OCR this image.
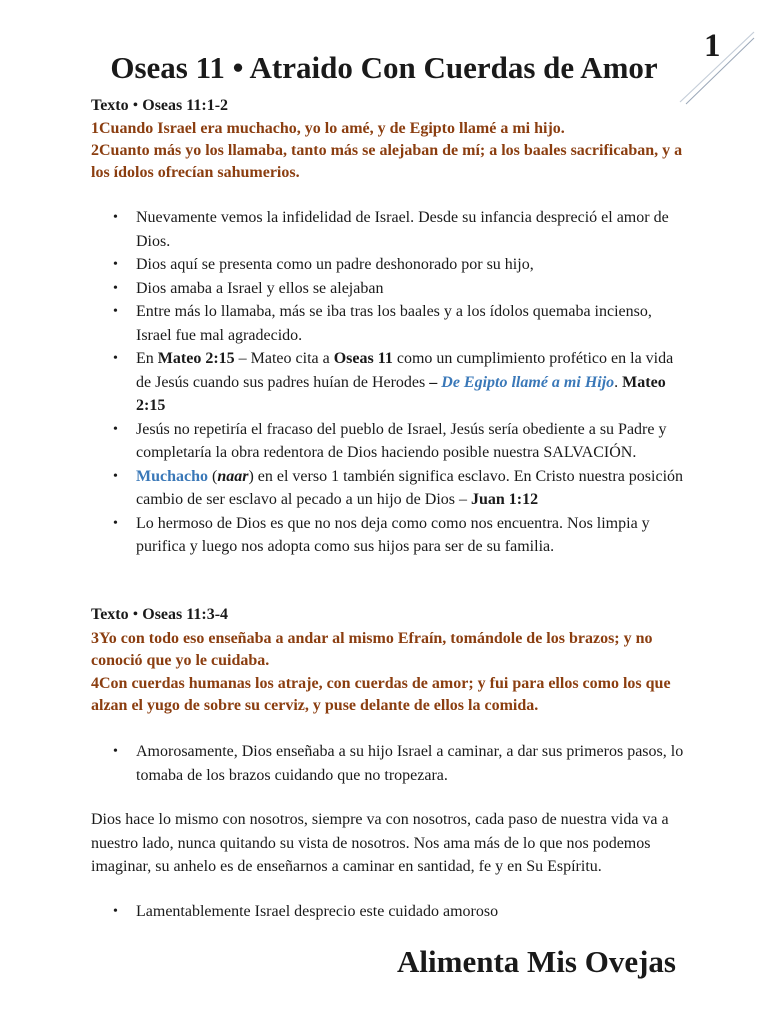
1
Oseas 11 • Atraido Con Cuerdas de Amor
Texto • Oseas 11:1-2
1Cuando Israel era muchacho, yo lo amé, y de Egipto llamé a mi hijo.
2Cuanto más yo los llamaba, tanto más se alejaban de mí; a los baales sacrificaban, y a los ídolos ofrecían sahumerios.
• Nuevamente vemos la infidelidad de Israel. Desde su infancia despreció el amor de Dios.
• Dios aquí se presenta como un padre deshonorado por su hijo,
• Dios amaba a Israel y ellos se alejaban
• Entre más lo llamaba, más se iba tras los baales y a los ídolos quemaba incienso, Israel fue mal agradecido.
• En Mateo 2:15 – Mateo cita a Oseas 11 como un cumplimiento profético en la vida de Jesús cuando sus padres huían de Herodes – De Egipto llamé a mi Hijo. Mateo 2:15
• Jesús no repetiría el fracaso del pueblo de Israel, Jesús sería obediente a su Padre y completaría la obra redentora de Dios haciendo posible nuestra SALVACIÓN.
• Muchacho (naar) en el verso 1 también significa esclavo. En Cristo nuestra posición cambio de ser esclavo al pecado a un hijo de Dios – Juan 1:12
• Lo hermoso de Dios es que no nos deja como como nos encuentra. Nos limpia y purifica y luego nos adopta como sus hijos para ser de su familia.
Texto • Oseas 11:3-4
3Yo con todo eso enseñaba a andar al mismo Efraín, tomándole de los brazos; y no conoció que yo le cuidaba.
4Con cuerdas humanas los atraje, con cuerdas de amor; y fui para ellos como los que alzan el yugo de sobre su cerviz, y puse delante de ellos la comida.
• Amorosamente, Dios enseñaba a su hijo Israel a caminar, a dar sus primeros pasos, lo tomaba de los brazos cuidando que no tropezara.
Dios hace lo mismo con nosotros, siempre va con nosotros, cada paso de nuestra vida va a nuestro lado, nunca quitando su vista de nosotros. Nos ama más de lo que nos podemos imaginar, su anhelo es de enseñarnos a caminar en santidad, fe y en Su Espíritu.
• Lamentablemente Israel desprecio este cuidado amoroso
Alimenta Mis Ovejas
